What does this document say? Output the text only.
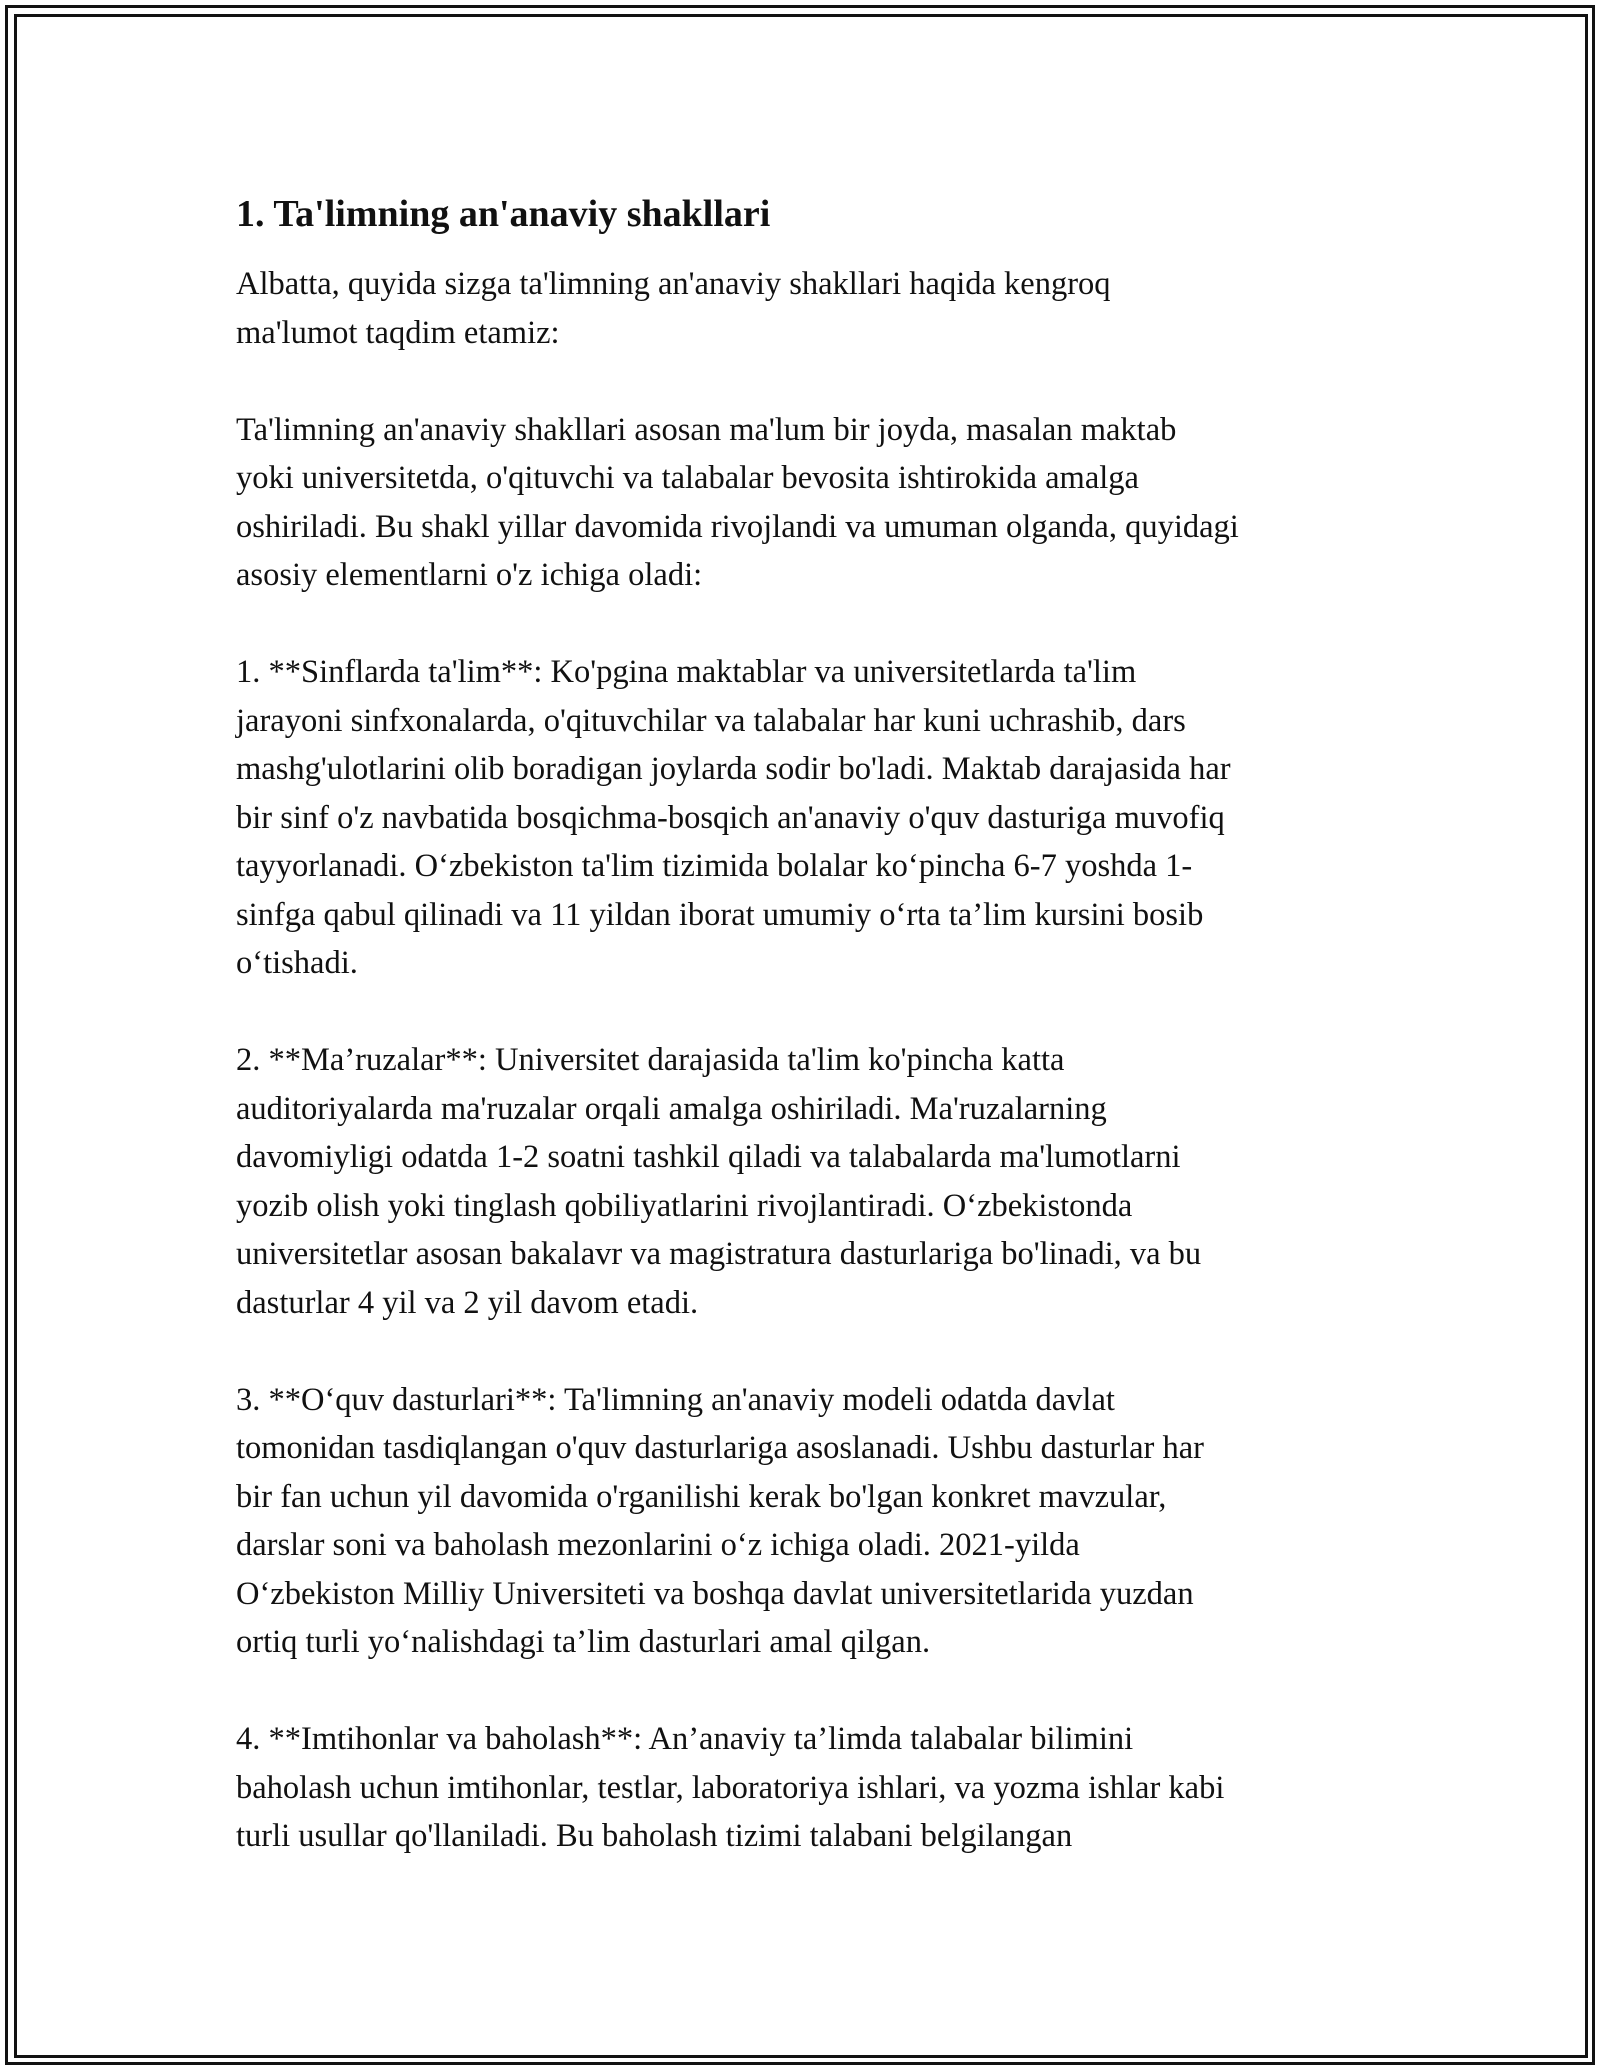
1. Ta'limning an'anaviy shakllari
Albatta, quyida sizga ta'limning an'anaviy shakllari haqida kengroq
ma'lumot taqdim etamiz:
Ta'limning an'anaviy shakllari asosan ma'lum bir joyda, masalan maktab
yoki universitetda, o'qituvchi va talabalar bevosita ishtirokida amalga
oshiriladi. Bu shakl yillar davomida rivojlandi va umuman olganda, quyidagi
asosiy elementlarni o'z ichiga oladi:
1. **Sinflarda ta'lim**: Ko'pgina maktablar va universitetlarda ta'lim
jarayoni sinfxonalarda, o'qituvchilar va talabalar har kuni uchrashib, dars
mashg'ulotlarini olib boradigan joylarda sodir bo'ladi. Maktab darajasida har
bir sinf o'z navbatida bosqichma-bosqich an'anaviy o'quv dasturiga muvofiq
tayyorlanadi. O‘zbekiston ta'lim tizimida bolalar ko‘pincha 6-7 yoshda 1-
sinfga qabul qilinadi va 11 yildan iborat umumiy o‘rta ta’lim kursini bosib
o‘tishadi.
2. **Ma’ruzalar**: Universitet darajasida ta'lim ko'pincha katta
auditoriyalarda ma'ruzalar orqali amalga oshiriladi. Ma'ruzalarning
davomiyligi odatda 1-2 soatni tashkil qiladi va talabalarda ma'lumotlarni
yozib olish yoki tinglash qobiliyatlarini rivojlantiradi. O‘zbekistonda
universitetlar asosan bakalavr va magistratura dasturlariga bo'linadi, va bu
dasturlar 4 yil va 2 yil davom etadi.
3. **O‘quv dasturlari**: Ta'limning an'anaviy modeli odatda davlat
tomonidan tasdiqlangan o'quv dasturlariga asoslanadi. Ushbu dasturlar har
bir fan uchun yil davomida o'rganilishi kerak bo'lgan konkret mavzular,
darslar soni va baholash mezonlarini o‘z ichiga oladi. 2021-yilda
O‘zbekiston Milliy Universiteti va boshqa davlat universitetlarida yuzdan
ortiq turli yo‘nalishdagi ta’lim dasturlari amal qilgan.
4. **Imtihonlar va baholash**: An’anaviy ta’limda talabalar bilimini
baholash uchun imtihonlar, testlar, laboratoriya ishlari, va yozma ishlar kabi
turli usullar qo'llaniladi. Bu baholash tizimi talabani belgilangan
